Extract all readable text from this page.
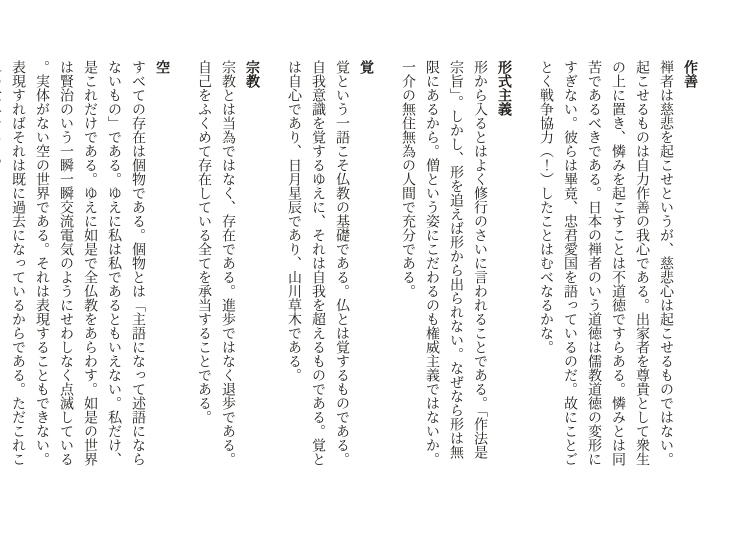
作善

禅者は慈悲を起こせというが、慈悲心は起こせるものではない。

起こせるものは自力作善の我心である。出家者を尊貴として衆生

の上に置き、憐みを起こすことは不道徳ですらある。憐みとは同

苦であるべきである。日本の禅者のいう道徳は儒教道徳の変形に

すぎない。彼らは畢竟、忠君愛国を語っているのだ。故にことご

とく戦争協力（！）したことはむべなるかな。

形式主義

形から入るとはよく修行のさいに言われることである。「作法是

宗旨」。しかし、形を追えば形から出られない。なぜなら形は無

限にあるから。僧という姿にこだわるのも権威主義ではないか。

一介の無住無為の人間で充分である。

覚

覚という一語こそ仏教の基礎である。仏とは覚するものである。

自我意識を覚するゆえに、それは自我を超えるものである。覚と

は自心であり、日月星辰であり、山川草木である。

宗教

宗教とは当為ではなく、存在である。進歩ではなく退歩である。

自己をふくめて存在している全てを承当することである。

空

すべての存在は個物である。個物とは「主語になって述語になら

ないもの」である。ゆえに私は私であるともいえない。私だけ、

是これだけである。ゆえに如是で全仏教をあらわす。如是の世界

は賢治のいう一瞬一瞬交流電気のようにせわしなく点滅している

。実体がない空の世界である。それは表現することもできない。

表現すればそれは既に過去になっているからである。ただこれこ
